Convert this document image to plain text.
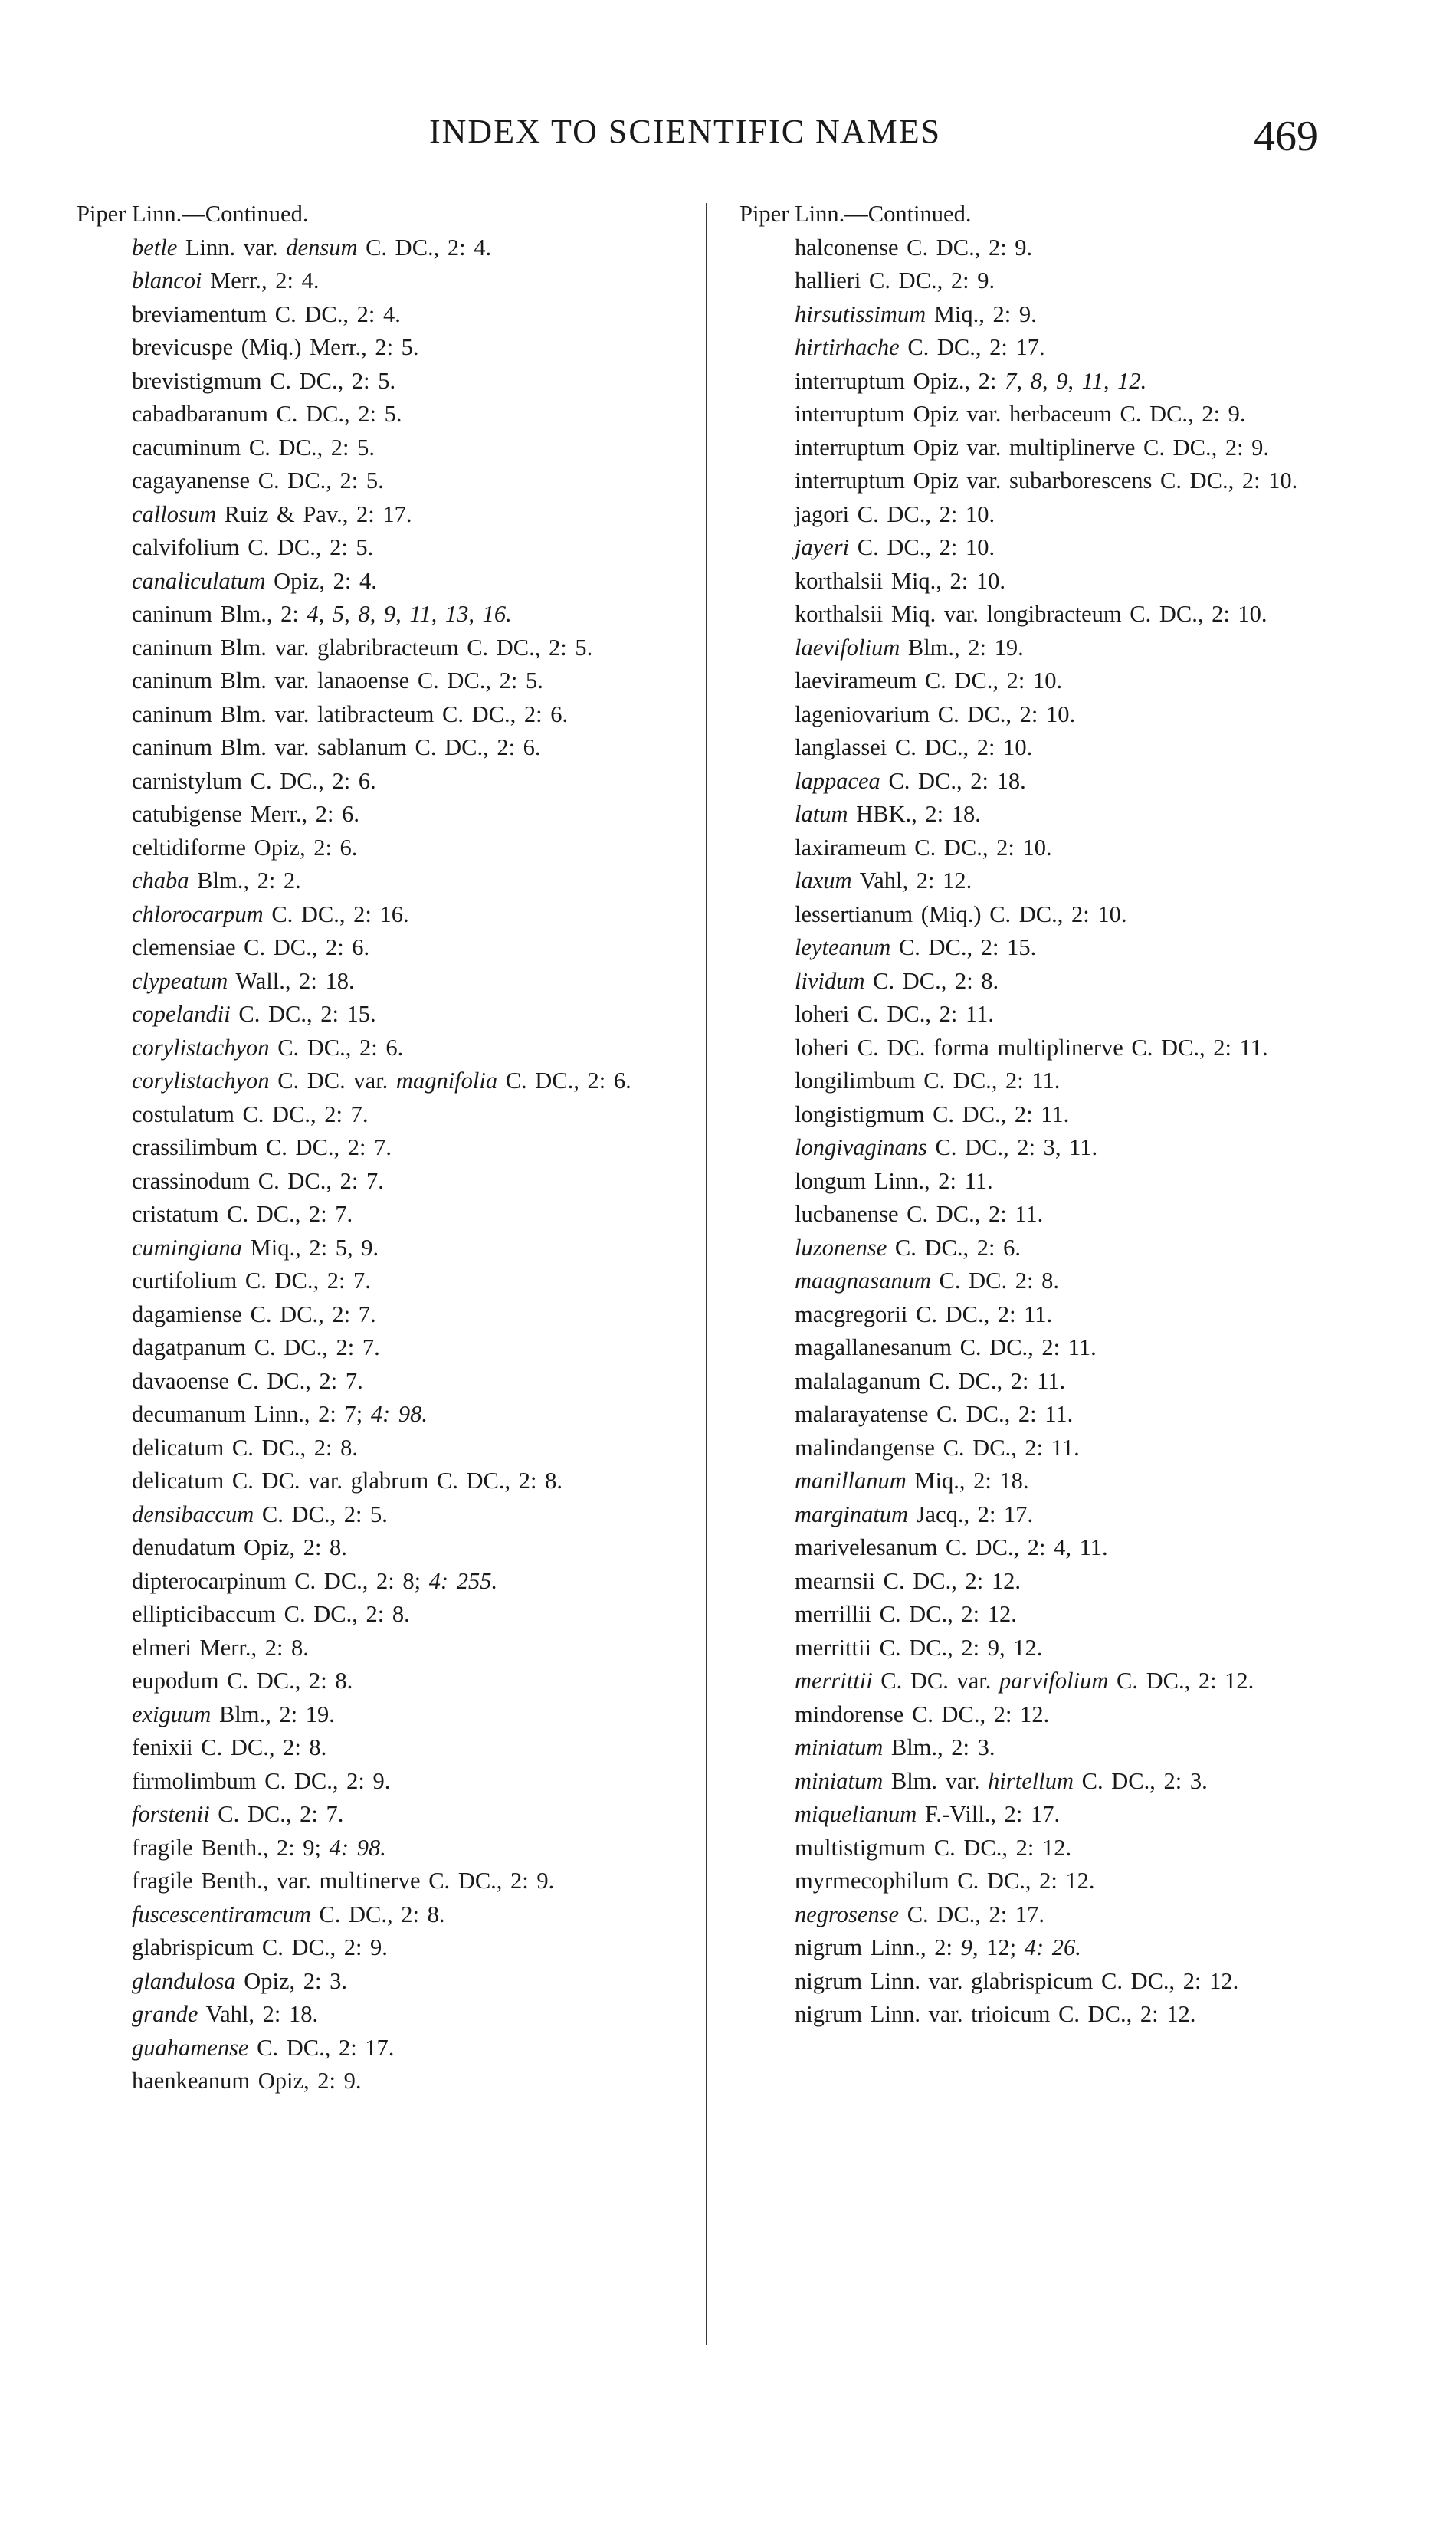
INDEX TO SCIENTIFIC NAMES	469

Piper Linn.—Continued.

betle Linn. var. densum C. DC., 2: 4.

blancoi Merr., 2: 4.

breviamentum C. DC., 2: 4.

brevicuspe (Miq.) Merr., 2: 5.

brevistigmum C. DC., 2: 5.

cabadbaranum C. DC., 2: 5.

cacuminum C. DC., 2: 5.

cagayanense C. DC., 2: 5.

callosum Ruiz & Pav., 2: 17.

calvifolium C. DC., 2: 5.

canaliculatum Opiz, 2: 4.

caninum Blm., 2: 4, 5, 8, 9, 11, 13, 16.

caninum Blm. var. glabribracteum C. DC., 2: 5.

caninum Blm. var. lanaoense C. DC., 2: 5.

caninum Blm. var. latibracteum C. DC., 2: 6.

caninum Blm. var. sablanum C. DC., 2: 6.

carnistylum C. DC., 2: 6.

catubigense Merr., 2: 6.

celtidiforme Opiz, 2: 6.

chaba Blm., 2: 2.

chlorocarpum C. DC., 2: 16.

clemensiae C. DC., 2: 6.

clypeatum Wall., 2: 18.

copelandii C. DC., 2: 15.

corylistachyon C. DC., 2: 6.

corylistachyon C. DC. var. magnifolia C. DC., 2: 6.

costulatum C. DC., 2: 7.

crassilimbum C. DC., 2: 7.

crassinodum C. DC., 2: 7.

cristatum C. DC., 2: 7.

cumingiana Miq., 2: 5, 9.

curtifolium C. DC., 2: 7.

dagamiense C. DC., 2: 7.

dagatpanum C. DC., 2: 7.

davaoense C. DC., 2: 7.

decumanum Linn., 2: 7; 4: 98.

delicatum C. DC., 2: 8.

delicatum C. DC. var. glabrum C. DC., 2: 8.

densibaccum C. DC., 2: 5.

denudatum Opiz, 2: 8.

dipterocarpinum C. DC., 2: 8; 4: 255.

ellipticibaccum C. DC., 2: 8.

elmeri Merr., 2: 8.

eupodum C. DC., 2: 8.

exiguum Blm., 2: 19.

fenixii C. DC., 2: 8.

firmolimbum C. DC., 2: 9.

forstenii C. DC., 2: 7.

fragile Benth., 2: 9; 4: 98.

fragile Benth., var. multinerve C. DC., 2: 9.

fuscescentiramcum C. DC., 2: 8.

glabrispicum C. DC., 2: 9.

glandulosa Opiz, 2: 3.

grande Vahl, 2: 18.

guahamense C. DC., 2: 17.

haenkeanum Opiz, 2: 9.

Piper Linn.—Continued.

halconense C. DC., 2: 9.

hallieri C. DC., 2: 9.

hirsutissimum Miq., 2: 9.

hirtirhache C. DC., 2: 17.

interruptum Opiz., 2: 7, 8, 9, 11, 12.

interruptum Opiz var. herbaceum C. DC., 2: 9.

interruptum Opiz var. multiplinerve C. DC., 2: 9.

interruptum Opiz var. subarborescens C. DC., 2: 10.

jagori C. DC., 2: 10.

jayeri C. DC., 2: 10.

korthalsii Miq., 2: 10.

korthalsii Miq. var. longibracteum C. DC., 2: 10.

laevifolium Blm., 2: 19.

laevirameum C. DC., 2: 10.

lageniovarium C. DC., 2: 10.

langlassei C. DC., 2: 10.

lappacea C. DC., 2: 18.

latum HBK., 2: 18.

laxirameum C. DC., 2: 10.

laxum Vahl, 2: 12.

lessertianum (Miq.) C. DC., 2: 10.

leyteanum C. DC., 2: 15.

lividum C. DC., 2: 8.

loheri C. DC., 2: 11.

loheri C. DC. forma multiplinerve C. DC., 2: 11.

longilimbum C. DC., 2: 11.

longistigmum C. DC., 2: 11.

longivaginans C. DC., 2: 3, 11.

longum Linn., 2: 11.

lucbanense C. DC., 2: 11.

luzonense C. DC., 2: 6.

maagnasanum C. DC. 2: 8.

macgregorii C. DC., 2: 11.

magallanesanum C. DC., 2: 11.

malalaganum C. DC., 2: 11.

malarayatense C. DC., 2: 11.

malindangense C. DC., 2: 11.

manillanum Miq., 2: 18.

marginatum Jacq., 2: 17.

marivelesanum C. DC., 2: 4, 11.

mearnsii C. DC., 2: 12.

merrillii C. DC., 2: 12.

merrittii C. DC., 2: 9, 12.

merrittii C. DC. var. parvifolium C. DC., 2: 12.

mindorense C. DC., 2: 12.

miniatum Blm., 2: 3.

miniatum Blm. var. hirtellum C. DC., 2: 3.

miquelianum F.-Vill., 2: 17.

multistigmum C. DC., 2: 12.

myrmecophilum C. DC., 2: 12.

negrosense C. DC., 2: 17.

nigrum Linn., 2: 9, 12; 4: 26.

nigrum Linn. var. glabrispicum C. DC., 2: 12.

nigrum Linn. var. trioicum C. DC., 2: 12.
